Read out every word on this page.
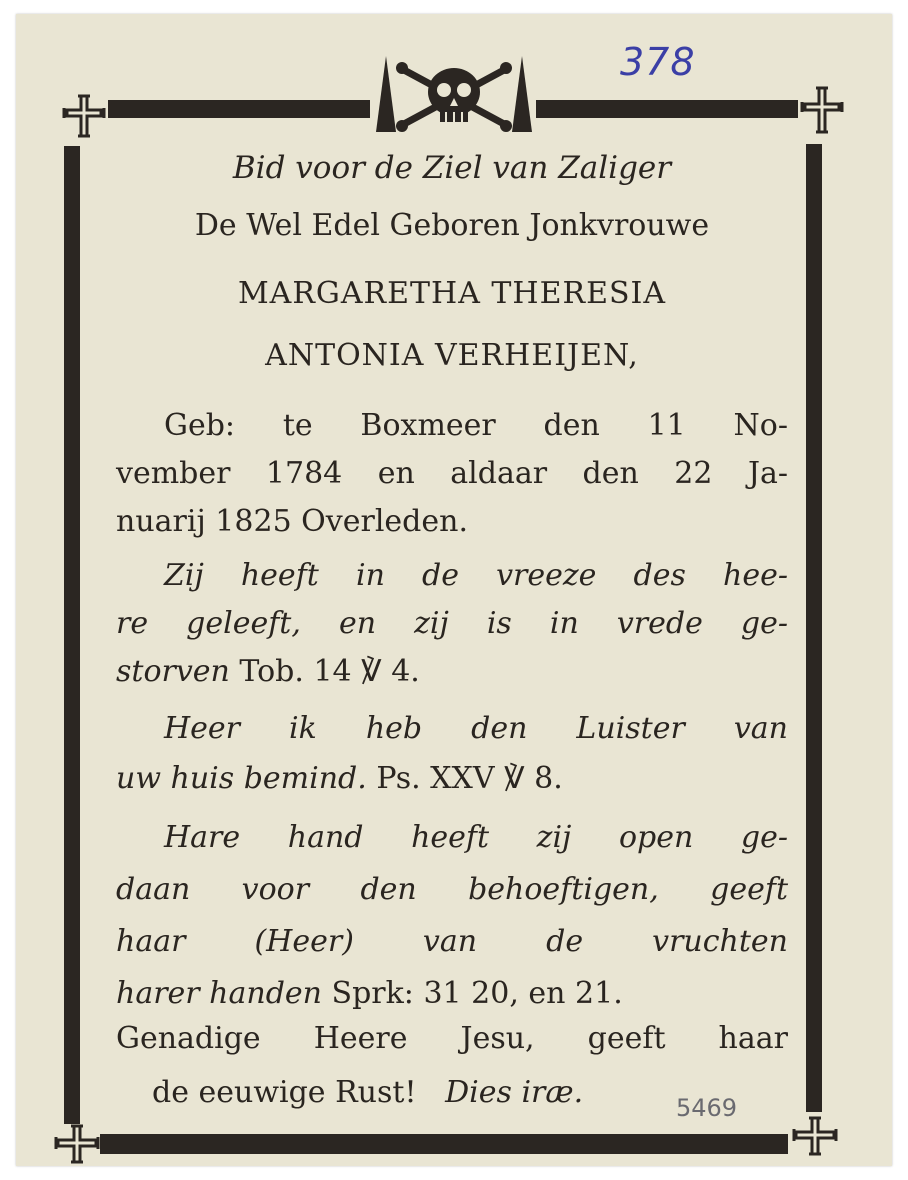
378
5469
Bid voor de Ziel van Zaliger
De Wel Edel Geboren Jonkvrouwe
MARGARETHA THERESIA
ANTONIA VERHEIJEN,
Geb: te Boxmeer den 11 No-
vember 1784 en aldaar den 22 Ja-
nuarij 1825 Overleden.
Zij heeft in de vreeze des hee-
re geleeft, en zij is in vrede ge-
storven Tob. 14 ℣ 4.
Heer ik heb den Luister van
uw huis bemind. Ps. XXV ℣ 8.
Hare hand heeft zij open ge-
daan voor den behoeftigen, geeft
haar (Heer) van de vruchten
harer handen Sprk: 31 20, en 21.
Genadige Heere Jesu, geeft haar
de eeuwige Rust! Dies iræ.
